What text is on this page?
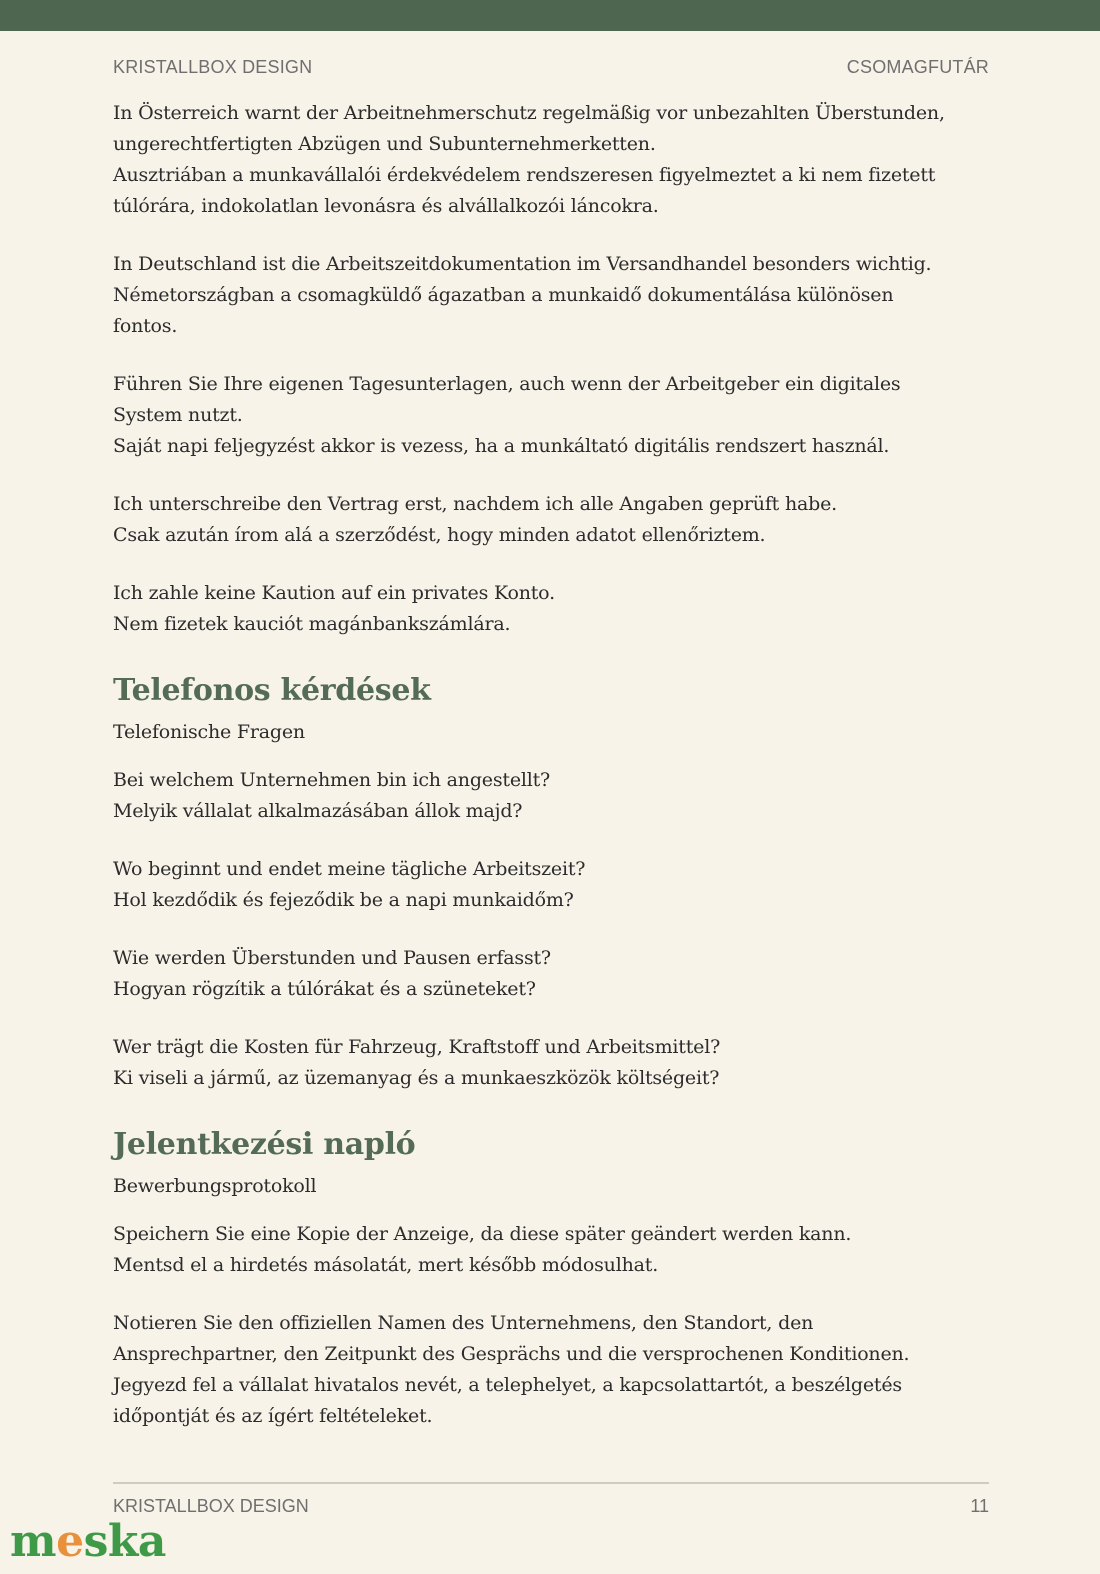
KRISTALLBOX DESIGN	CSOMAGFUTÁR
In Österreich warnt der Arbeitnehmerschutz regelmäßig vor unbezahlten Überstunden,
ungerechtfertigten Abzügen und Subunternehmerketten.
Ausztriában a munkavállalói érdekvédelem rendszeresen figyelmeztet a ki nem fizetett
túlórára, indokolatlan levonásra és alvállalkozói láncokra.
In Deutschland ist die Arbeitszeitdokumentation im Versandhandel besonders wichtig.
Németországban a csomagküldő ágazatban a munkaidő dokumentálása különösen
fontos.
Führen Sie Ihre eigenen Tagesunterlagen, auch wenn der Arbeitgeber ein digitales
System nutzt.
Saját napi feljegyzést akkor is vezess, ha a munkáltató digitális rendszert használ.
Ich unterschreibe den Vertrag erst, nachdem ich alle Angaben geprüft habe.
Csak azután írom alá a szerződést, hogy minden adatot ellenőriztem.
Ich zahle keine Kaution auf ein privates Konto.
Nem fizetek kauciót magánbankszámlára.
Telefonos kérdések
Telefonische Fragen
Bei welchem Unternehmen bin ich angestellt?
Melyik vállalat alkalmazásában állok majd?
Wo beginnt und endet meine tägliche Arbeitszeit?
Hol kezdődik és fejeződik be a napi munkaidőm?
Wie werden Überstunden und Pausen erfasst?
Hogyan rögzítik a túlórákat és a szüneteket?
Wer trägt die Kosten für Fahrzeug, Kraftstoff und Arbeitsmittel?
Ki viseli a jármű, az üzemanyag és a munkaeszközök költségeit?
Jelentkezési napló
Bewerbungsprotokoll
Speichern Sie eine Kopie der Anzeige, da diese später geändert werden kann.
Mentsd el a hirdetés másolatát, mert később módosulhat.
Notieren Sie den offiziellen Namen des Unternehmens, den Standort, den
Ansprechpartner, den Zeitpunkt des Gesprächs und die versprochenen Konditionen.
Jegyezd fel a vállalat hivatalos nevét, a telephelyet, a kapcsolattartót, a beszélgetés
időpontját és az ígért feltételeket.
KRISTALLBOX DESIGN	11
meska
